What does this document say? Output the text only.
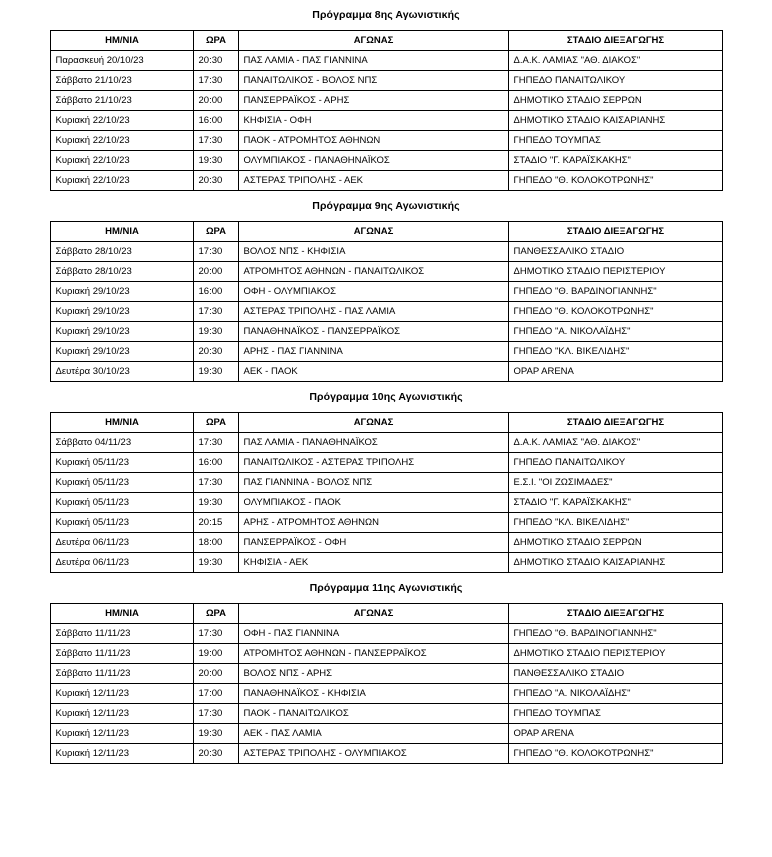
Πρόγραμμα 8ης Αγωνιστικής
ΗΜ/ΝΙΑ	ΩΡΑ	ΑΓΩΝΑΣ	ΣΤΑΔΙΟ ΔΙΕΞΑΓΩΓΗΣ
Παρασκευή 20/10/23	20:30	ΠΑΣ ΛΑΜΙΑ - ΠΑΣ ΓΙΑΝΝΙΝΑ	Δ.Α.Κ. ΛΑΜΙΑΣ "ΑΘ. ΔΙΑΚΟΣ"
Σάββατο 21/10/23	17:30	ΠΑΝΑΙΤΩΛΙΚΟΣ - ΒΟΛΟΣ ΝΠΣ	ΓΗΠΕΔΟ ΠΑΝΑΙΤΩΛΙΚΟΥ
Σάββατο 21/10/23	20:00	ΠΑΝΣΕΡΡΑΪΚΟΣ - ΑΡΗΣ	ΔΗΜΟΤΙΚΟ ΣΤΑΔΙΟ ΣΕΡΡΩΝ
Κυριακή 22/10/23	16:00	ΚΗΦΙΣΙΑ - ΟΦΗ	ΔΗΜΟΤΙΚΟ ΣΤΑΔΙΟ ΚΑΙΣΑΡΙΑΝΗΣ
Κυριακή 22/10/23	17:30	ΠΑΟΚ - ΑΤΡΟΜΗΤΟΣ ΑΘΗΝΩΝ	ΓΗΠΕΔΟ ΤΟΥΜΠΑΣ
Κυριακή 22/10/23	19:30	ΟΛΥΜΠΙΑΚΟΣ - ΠΑΝΑΘΗΝΑΪΚΟΣ	ΣΤΑΔΙΟ "Γ. ΚΑΡΑΪΣΚΑΚΗΣ"
Κυριακή 22/10/23	20:30	ΑΣΤΕΡΑΣ ΤΡΙΠΟΛΗΣ - ΑΕΚ	ΓΗΠΕΔΟ "Θ. ΚΟΛΟΚΟΤΡΩΝΗΣ"
Πρόγραμμα 9ης Αγωνιστικής
ΗΜ/ΝΙΑ	ΩΡΑ	ΑΓΩΝΑΣ	ΣΤΑΔΙΟ ΔΙΕΞΑΓΩΓΗΣ
Σάββατο 28/10/23	17:30	ΒΟΛΟΣ ΝΠΣ - ΚΗΦΙΣΙΑ	ΠΑΝΘΕΣΣΑΛΙΚΟ ΣΤΑΔΙΟ
Σάββατο 28/10/23	20:00	ΑΤΡΟΜΗΤΟΣ ΑΘΗΝΩΝ - ΠΑΝΑΙΤΩΛΙΚΟΣ	ΔΗΜΟΤΙΚΟ ΣΤΑΔΙΟ ΠΕΡΙΣΤΕΡΙΟΥ
Κυριακή 29/10/23	16:00	ΟΦΗ - ΟΛΥΜΠΙΑΚΟΣ	ΓΗΠΕΔΟ "Θ. ΒΑΡΔΙΝΟΓΙΑΝΝΗΣ"
Κυριακή 29/10/23	17:30	ΑΣΤΕΡΑΣ ΤΡΙΠΟΛΗΣ - ΠΑΣ ΛΑΜΙΑ	ΓΗΠΕΔΟ "Θ. ΚΟΛΟΚΟΤΡΩΝΗΣ"
Κυριακή 29/10/23	19:30	ΠΑΝΑΘΗΝΑΪΚΟΣ - ΠΑΝΣΕΡΡΑΪΚΟΣ	ΓΗΠΕΔΟ "Α. ΝΙΚΟΛΑΪΔΗΣ"
Κυριακή 29/10/23	20:30	ΑΡΗΣ - ΠΑΣ ΓΙΑΝΝΙΝΑ	ΓΗΠΕΔΟ "ΚΛ. ΒΙΚΕΛΙΔΗΣ"
Δευτέρα 30/10/23	19:30	ΑΕΚ - ΠΑΟΚ	OPAP ARENA
Πρόγραμμα 10ης Αγωνιστικής
ΗΜ/ΝΙΑ	ΩΡΑ	ΑΓΩΝΑΣ	ΣΤΑΔΙΟ ΔΙΕΞΑΓΩΓΗΣ
Σάββατο 04/11/23	17:30	ΠΑΣ ΛΑΜΙΑ - ΠΑΝΑΘΗΝΑΪΚΟΣ	Δ.Α.Κ. ΛΑΜΙΑΣ "ΑΘ. ΔΙΑΚΟΣ"
Κυριακή 05/11/23	16:00	ΠΑΝΑΙΤΩΛΙΚΟΣ - ΑΣΤΕΡΑΣ ΤΡΙΠΟΛΗΣ	ΓΗΠΕΔΟ ΠΑΝΑΙΤΩΛΙΚΟΥ
Κυριακή 05/11/23	17:30	ΠΑΣ ΓΙΑΝΝΙΝΑ - ΒΟΛΟΣ ΝΠΣ	Ε.Σ.Ι. "ΟΙ ΖΩΣΙΜΑΔΕΣ"
Κυριακή 05/11/23	19:30	ΟΛΥΜΠΙΑΚΟΣ - ΠΑΟΚ	ΣΤΑΔΙΟ "Γ. ΚΑΡΑΪΣΚΑΚΗΣ"
Κυριακή 05/11/23	20:15	ΑΡΗΣ - ΑΤΡΟΜΗΤΟΣ ΑΘΗΝΩΝ	ΓΗΠΕΔΟ "ΚΛ. ΒΙΚΕΛΙΔΗΣ"
Δευτέρα 06/11/23	18:00	ΠΑΝΣΕΡΡΑΪΚΟΣ - ΟΦΗ	ΔΗΜΟΤΙΚΟ ΣΤΑΔΙΟ ΣΕΡΡΩΝ
Δευτέρα 06/11/23	19:30	ΚΗΦΙΣΙΑ - ΑΕΚ	ΔΗΜΟΤΙΚΟ ΣΤΑΔΙΟ ΚΑΙΣΑΡΙΑΝΗΣ
Πρόγραμμα 11ης Αγωνιστικής
ΗΜ/ΝΙΑ	ΩΡΑ	ΑΓΩΝΑΣ	ΣΤΑΔΙΟ ΔΙΕΞΑΓΩΓΗΣ
Σάββατο 11/11/23	17:30	ΟΦΗ - ΠΑΣ ΓΙΑΝΝΙΝΑ	ΓΗΠΕΔΟ "Θ. ΒΑΡΔΙΝΟΓΙΑΝΝΗΣ"
Σάββατο 11/11/23	19:00	ΑΤΡΟΜΗΤΟΣ ΑΘΗΝΩΝ - ΠΑΝΣΕΡΡΑΪΚΟΣ	ΔΗΜΟΤΙΚΟ ΣΤΑΔΙΟ ΠΕΡΙΣΤΕΡΙΟΥ
Σάββατο 11/11/23	20:00	ΒΟΛΟΣ ΝΠΣ - ΑΡΗΣ	ΠΑΝΘΕΣΣΑΛΙΚΟ ΣΤΑΔΙΟ
Κυριακή 12/11/23	17:00	ΠΑΝΑΘΗΝΑΪΚΟΣ - ΚΗΦΙΣΙΑ	ΓΗΠΕΔΟ "Α. ΝΙΚΟΛΑΪΔΗΣ"
Κυριακή 12/11/23	17:30	ΠΑΟΚ - ΠΑΝΑΙΤΩΛΙΚΟΣ	ΓΗΠΕΔΟ ΤΟΥΜΠΑΣ
Κυριακή 12/11/23	19:30	ΑΕΚ - ΠΑΣ ΛΑΜΙΑ	OPAP ARENA
Κυριακή 12/11/23	20:30	ΑΣΤΕΡΑΣ ΤΡΙΠΟΛΗΣ - ΟΛΥΜΠΙΑΚΟΣ	ΓΗΠΕΔΟ "Θ. ΚΟΛΟΚΟΤΡΩΝΗΣ"
